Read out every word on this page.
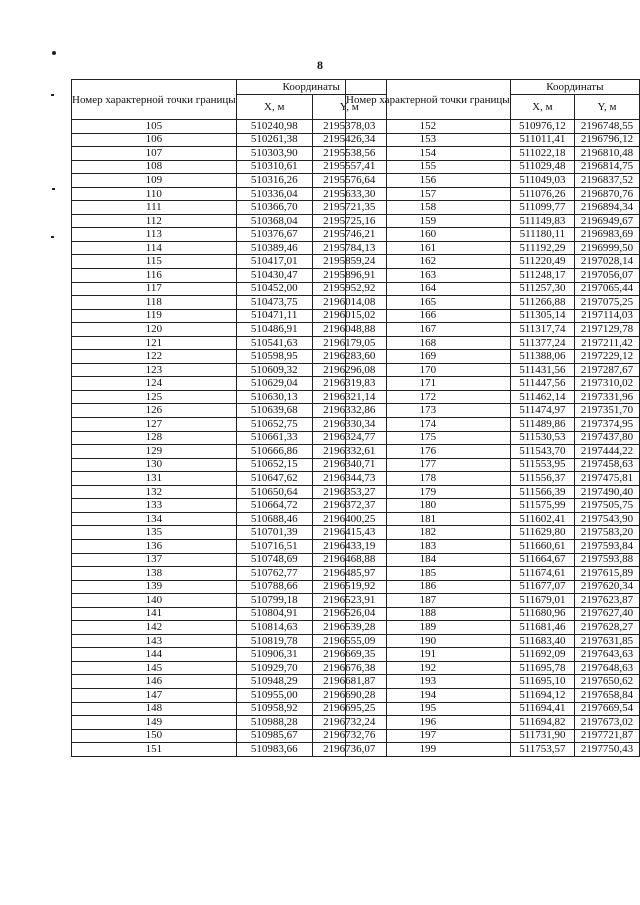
8
Номер характерной точки границы	Координаты	
	X, м	Y, м
105	510240,98	2195378,03
106	510261,38	2195426,34
107	510303,90	2195538,56
108	510310,61	2195557,41
109	510316,26	2195576,64
110	510336,04	2195633,30
111	510366,70	2195721,35
112	510368,04	2195725,16
113	510376,67	2195746,21
114	510389,46	2195784,13
115	510417,01	2195859,24
116	510430,47	2195896,91
117	510452,00	2195952,92
118	510473,75	2196014,08
119	510471,11	2196015,02
120	510486,91	2196048,88
121	510541,63	2196179,05
122	510598,95	2196283,60
123	510609,32	2196296,08
124	510629,04	2196319,83
125	510630,13	2196321,14
126	510639,68	2196332,86
127	510652,75	2196330,34
128	510661,33	2196324,77
129	510666,86	2196332,61
130	510652,15	2196340,71
131	510647,62	2196344,73
132	510650,64	2196353,27
133	510664,72	2196372,37
134	510688,46	2196400,25
135	510701,39	2196415,43
136	510716,51	2196433,19
137	510748,69	2196468,88
138	510762,77	2196485,97
139	510788,66	2196519,92
140	510799,18	2196523,91
141	510804,91	2196526,04
142	510814,63	2196539,28
143	510819,78	2196555,09
144	510906,31	2196669,35
145	510929,70	2196676,38
146	510948,29	2196681,87
147	510955,00	2196690,28
148	510958,92	2196695,25
149	510988,28	2196732,24
150	510985,67	2196732,76
151	510983,66	2196736,07
Номер характерной точки границы	Координаты	
	X, м	Y, м
152	510976,12	2196748,55
153	511011,41	2196796,12
154	511022,18	2196810,48
155	511029,48	2196814,75
156	511049,03	2196837,52
157	511076,26	2196870,76
158	511099,77	2196894,34
159	511149,83	2196949,67
160	511180,11	2196983,69
161	511192,29	2196999,50
162	511220,49	2197028,14
163	511248,17	2197056,07
164	511257,30	2197065,44
165	511266,88	2197075,25
166	511305,14	2197114,03
167	511317,74	2197129,78
168	511377,24	2197211,42
169	511388,06	2197229,12
170	511431,56	2197287,67
171	511447,56	2197310,02
172	511462,14	2197331,96
173	511474,97	2197351,70
174	511489,86	2197374,95
175	511530,53	2197437,80
176	511543,70	2197444,22
177	511553,95	2197458,63
178	511556,37	2197475,81
179	511566,39	2197490,40
180	511575,99	2197505,75
181	511602,41	2197543,90
182	511629,80	2197583,20
183	511660,61	2197593,84
184	511664,67	2197593,88
185	511674,61	2197615,89
186	511677,07	2197620,34
187	511679,01	2197623,87
188	511680,96	2197627,40
189	511681,46	2197628,27
190	511683,40	2197631,85
191	511692,09	2197643,63
192	511695,78	2197648,63
193	511695,10	2197650,62
194	511694,12	2197658,84
195	511694,41	2197669,54
196	511694,82	2197673,02
197	511731,90	2197721,87
199	511753,57	2197750,43
